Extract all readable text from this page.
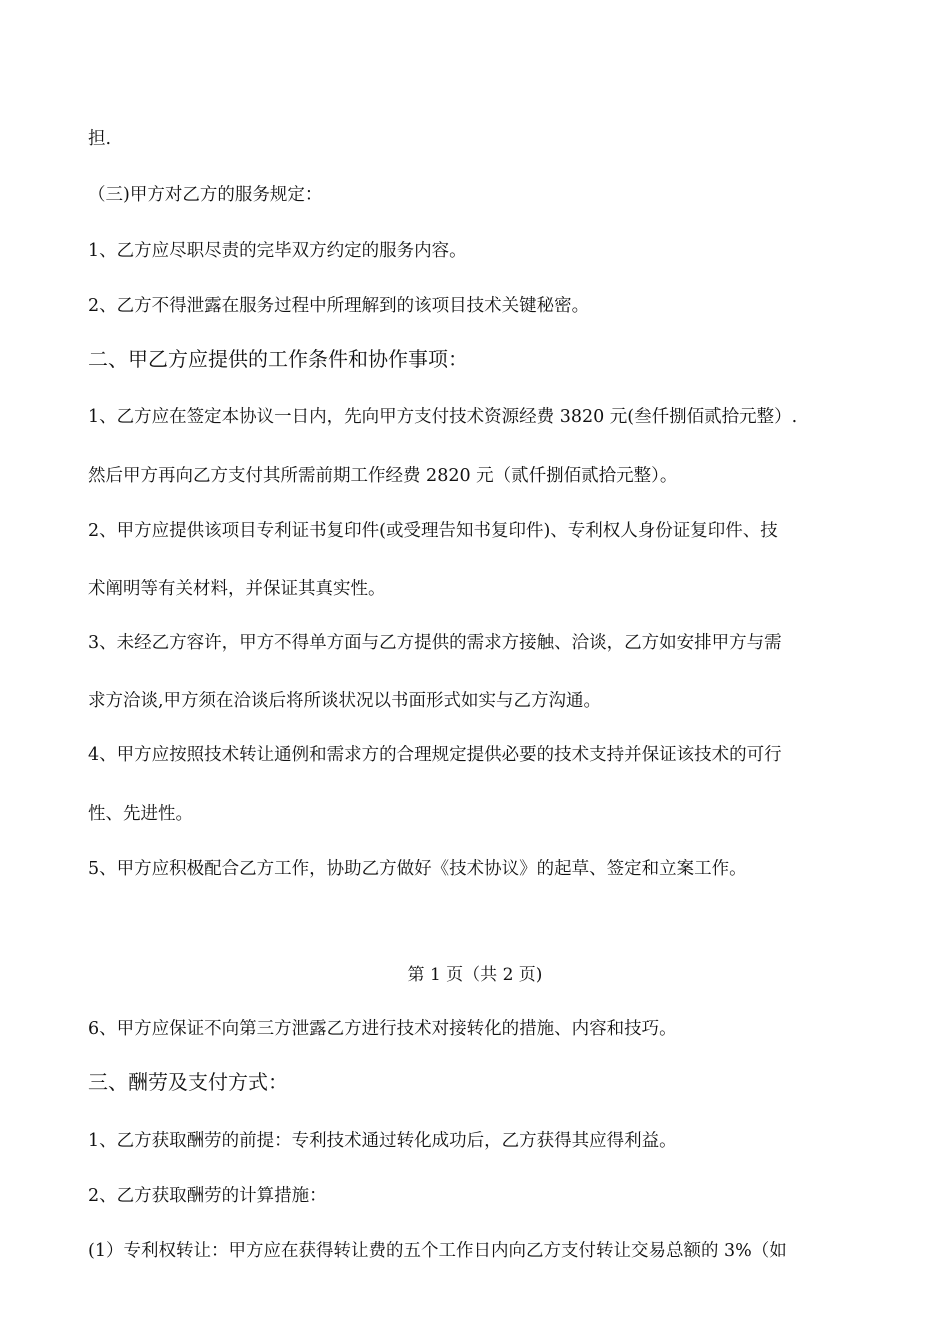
担.
（三)甲方对乙方的服务规定：
1、乙方应尽职尽责的完毕双方约定的服务内容。
2、乙方不得泄露在服务过程中所理解到的该项目技术关键秘密。
二、甲乙方应提供的工作条件和协作事项：
1、乙方应在签定本协议一日内，先向甲方支付技术资源经费 3820 元(叁仟捌佰贰拾元整）.
然后甲方再向乙方支付其所需前期工作经费 2820 元（贰仟捌佰贰拾元整）。
2、甲方应提供该项目专利证书复印件(或受理告知书复印件)、专利权人身份证复印件、技
术阐明等有关材料，并保证其真实性。
3、未经乙方容许，甲方不得单方面与乙方提供的需求方接触、洽谈，乙方如安排甲方与需
求方洽谈,甲方须在洽谈后将所谈状况以书面形式如实与乙方沟通。
4、甲方应按照技术转让通例和需求方的合理规定提供必要的技术支持并保证该技术的可行
性、先进性。
5、甲方应积极配合乙方工作，协助乙方做好《技术协议》的起草、签定和立案工作。
第 1 页（共 2 页)
6、甲方应保证不向第三方泄露乙方进行技术对接转化的措施、内容和技巧。
三、酬劳及支付方式：
1、乙方获取酬劳的前提：专利技术通过转化成功后，乙方获得其应得利益。
2、乙方获取酬劳的计算措施：
(1）专利权转让：甲方应在获得转让费的五个工作日内向乙方支付转让交易总额的 3%（如
